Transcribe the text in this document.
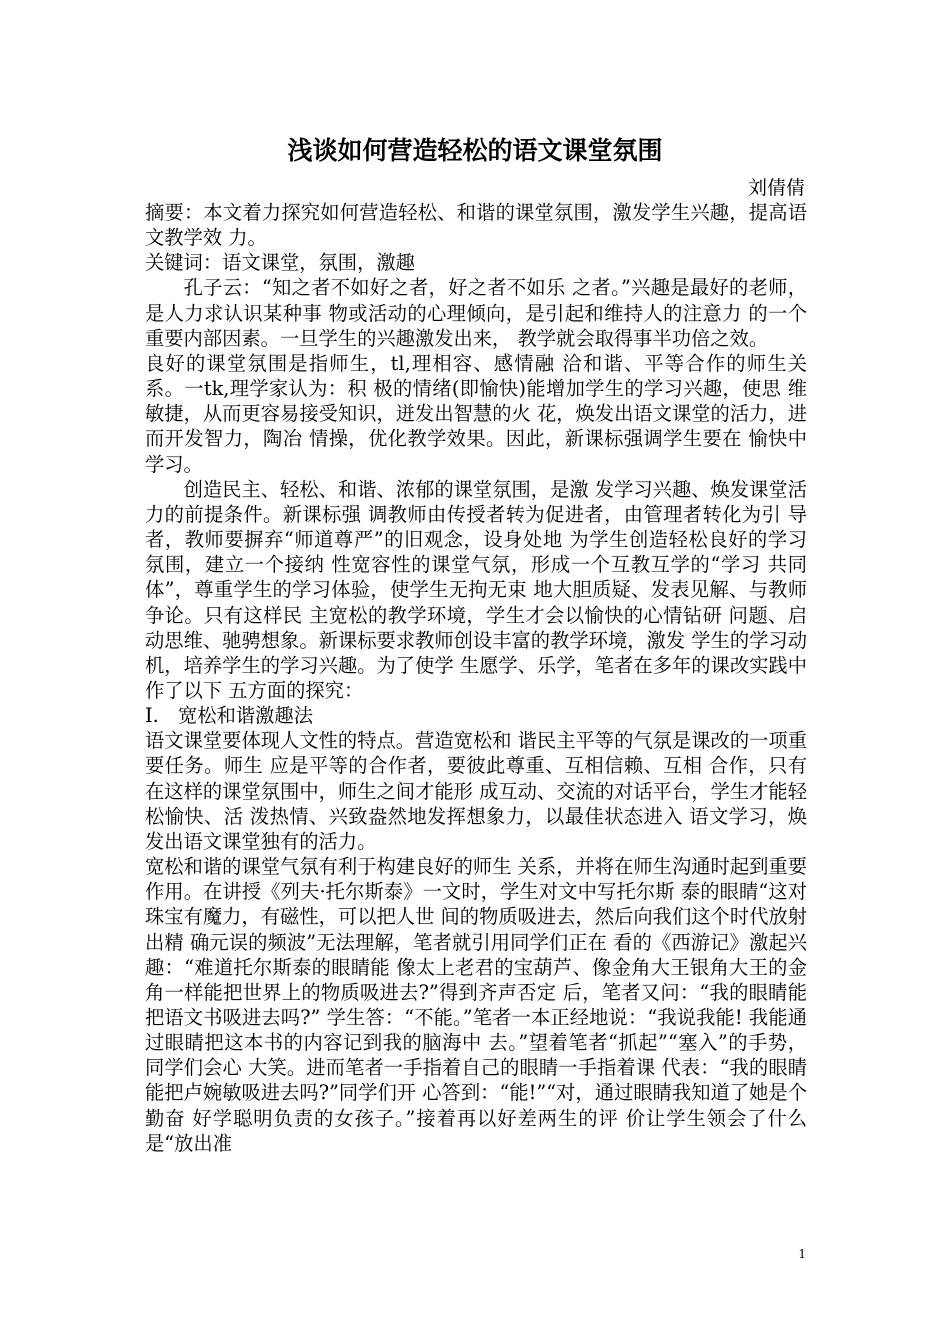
浅谈如何营造轻松的语文课堂氛围
刘倩倩

摘要：本文着力探究如何营造轻松、和谐的课堂氛围，激发学生兴趣，提高语文教学效 力。

关键词：语文课堂，氛围，激趣

孔子云：“知之者不如好之者，好之者不如乐 之者。”兴趣是最好的老师，是人力求认识某种事 物或活动的心理倾向，是引起和维持人的注意力 的一个重要内部因素。一旦学生的兴趣激发出来， 教学就会取得事半功倍之效。

良好的课堂氛围是指师生，tl,理相容、感情融 洽和谐、平等合作的师生关系。一tk,理学家认为：积 极的情绪(即愉快)能增加学生的学习兴趣，使思 维敏捷，从而更容易接受知识，迸发出智慧的火 花，焕发出语文课堂的活力，进而开发智力，陶冶 情操，优化教学效果。因此，新课标强调学生要在 愉快中学习。

创造民主、轻松、和谐、浓郁的课堂氛围，是激 发学习兴趣、焕发课堂活力的前提条件。新课标强 调教师由传授者转为促进者，由管理者转化为引 导者，教师要摒弃“师道尊严”的旧观念，设身处地 为学生创造轻松良好的学习氛围，建立一个接纳 性宽容性的课堂气氛，形成一个互教互学的“学习 共同体”，尊重学生的学习体验，使学生无拘无束 地大胆质疑、发表见解、与教师争论。只有这样民 主宽松的教学环境，学生才会以愉快的心情钻研 问题、启动思维、驰骋想象。新课标要求教师创设丰富的教学环境，激发 学生的学习动机，培养学生的学习兴趣。为了使学 生愿学、乐学，笔者在多年的课改实践中作了以下 五方面的探究：

I.　宽松和谐激趣法

语文课堂要体现人文性的特点。营造宽松和 谐民主平等的气氛是课改的一项重要任务。师生 应是平等的合作者，要彼此尊重、互相信赖、互相 合作，只有在这样的课堂氛围中，师生之间才能形 成互动、交流的对话平台，学生才能轻松愉快、活 泼热情、兴致盎然地发挥想象力，以最佳状态进入 语文学习，焕发出语文课堂独有的活力。

宽松和谐的课堂气氛有利于构建良好的师生 关系，并将在师生沟通时起到重要作用。在讲授《列夫·托尔斯泰》一文时，学生对文中写托尔斯 泰的眼睛“这对珠宝有魔力，有磁性，可以把人世 间的物质吸进去，然后向我们这个时代放射出精 确元误的频波”无法理解，笔者就引用同学们正在 看的《西游记》激起兴趣：“难道托尔斯泰的眼睛能 像太上老君的宝葫芦、像金角大王银角大王的金 角一样能把世界上的物质吸进去?”得到齐声否定 后，笔者又问：“我的眼睛能把语文书吸进去吗?” 学生答：“不能。”笔者一本正经地说：“我说我能! 我能通过眼睛把这本书的内容记到我的脑海中 去。”望着笔者“抓起”“塞入”的手势，同学们会心 大笑。进而笔者一手指着自己的眼睛一手指着课 代表：“我的眼睛能把卢婉敏吸进去吗?”同学们开 心答到：“能!”“对，通过眼睛我知道了她是个勤奋 好学聪明负责的女孩子。”接着再以好差两生的评 价让学生领会了什么是“放出准

1
